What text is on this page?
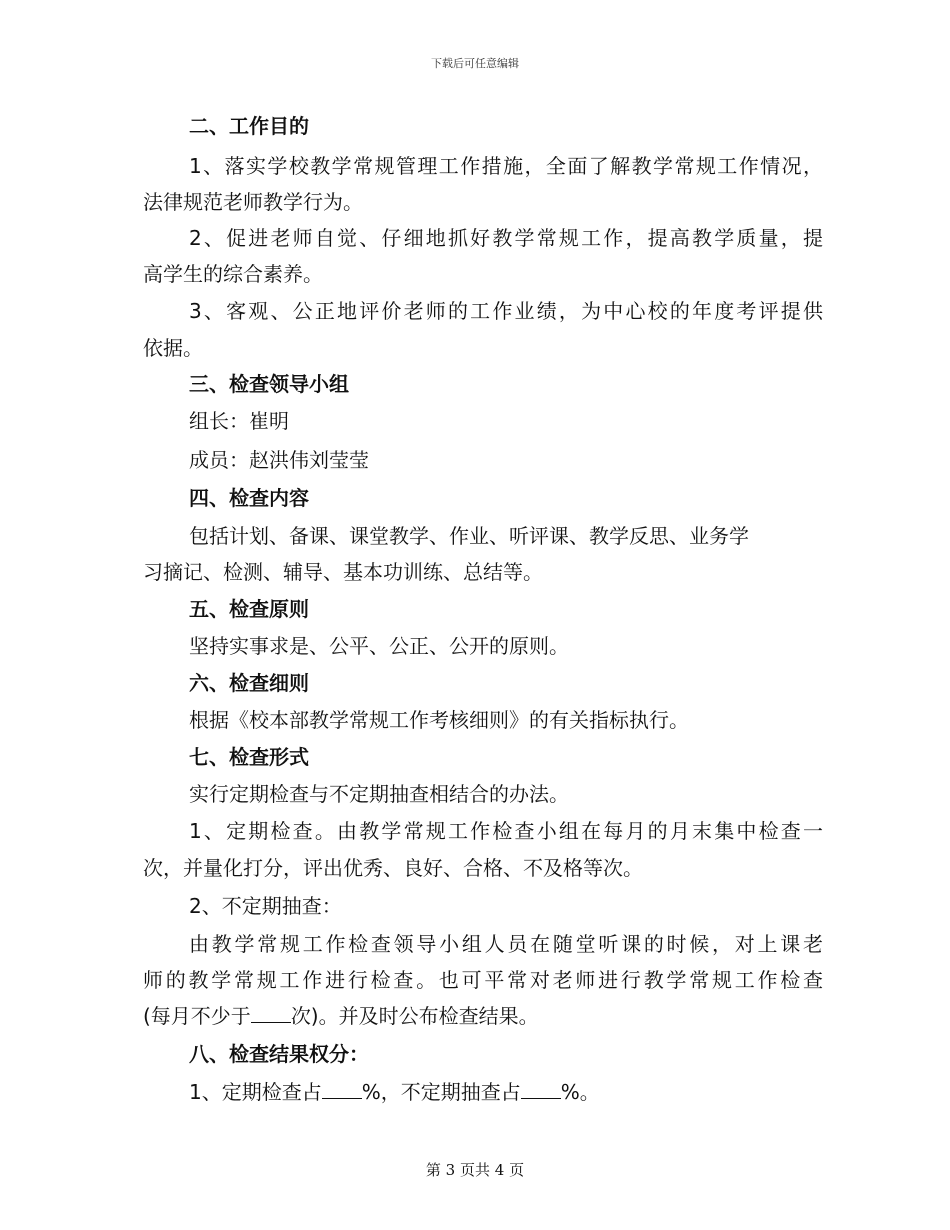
下载后可任意编辑
二、工作目的
1、落实学校教学常规管理工作措施，全面了解教学常规工作情况，
法律规范老师教学行为。
2、促进老师自觉、仔细地抓好教学常规工作，提高教学质量，提
高学生的综合素养。
3、客观、公正地评价老师的工作业绩，为中心校的年度考评提供
依据。
三、检查领导小组
组长：崔明
成员：赵洪伟刘莹莹
四、检查内容
包括计划、备课、课堂教学、作业、听评课、教学反思、业务学
习摘记、检测、辅导、基本功训练、总结等。
五、检查原则
坚持实事求是、公平、公正、公开的原则。
六、检查细则
根据《校本部教学常规工作考核细则》的有关指标执行。
七、检查形式
实行定期检查与不定期抽查相结合的办法。
1、定期检查。由教学常规工作检查小组在每月的月末集中检查一
次，并量化打分，评出优秀、良好、合格、不及格等次。
2、不定期抽查：
由教学常规工作检查领导小组人员在随堂听课的时候，对上课老
师的教学常规工作进行检查。也可平常对老师进行教学常规工作检查
(每月不少于 次)。并及时公布检查结果。
八、检查结果权分：
1、定期检查占 %，不定期抽查占 %。
第 3 页共 4 页
